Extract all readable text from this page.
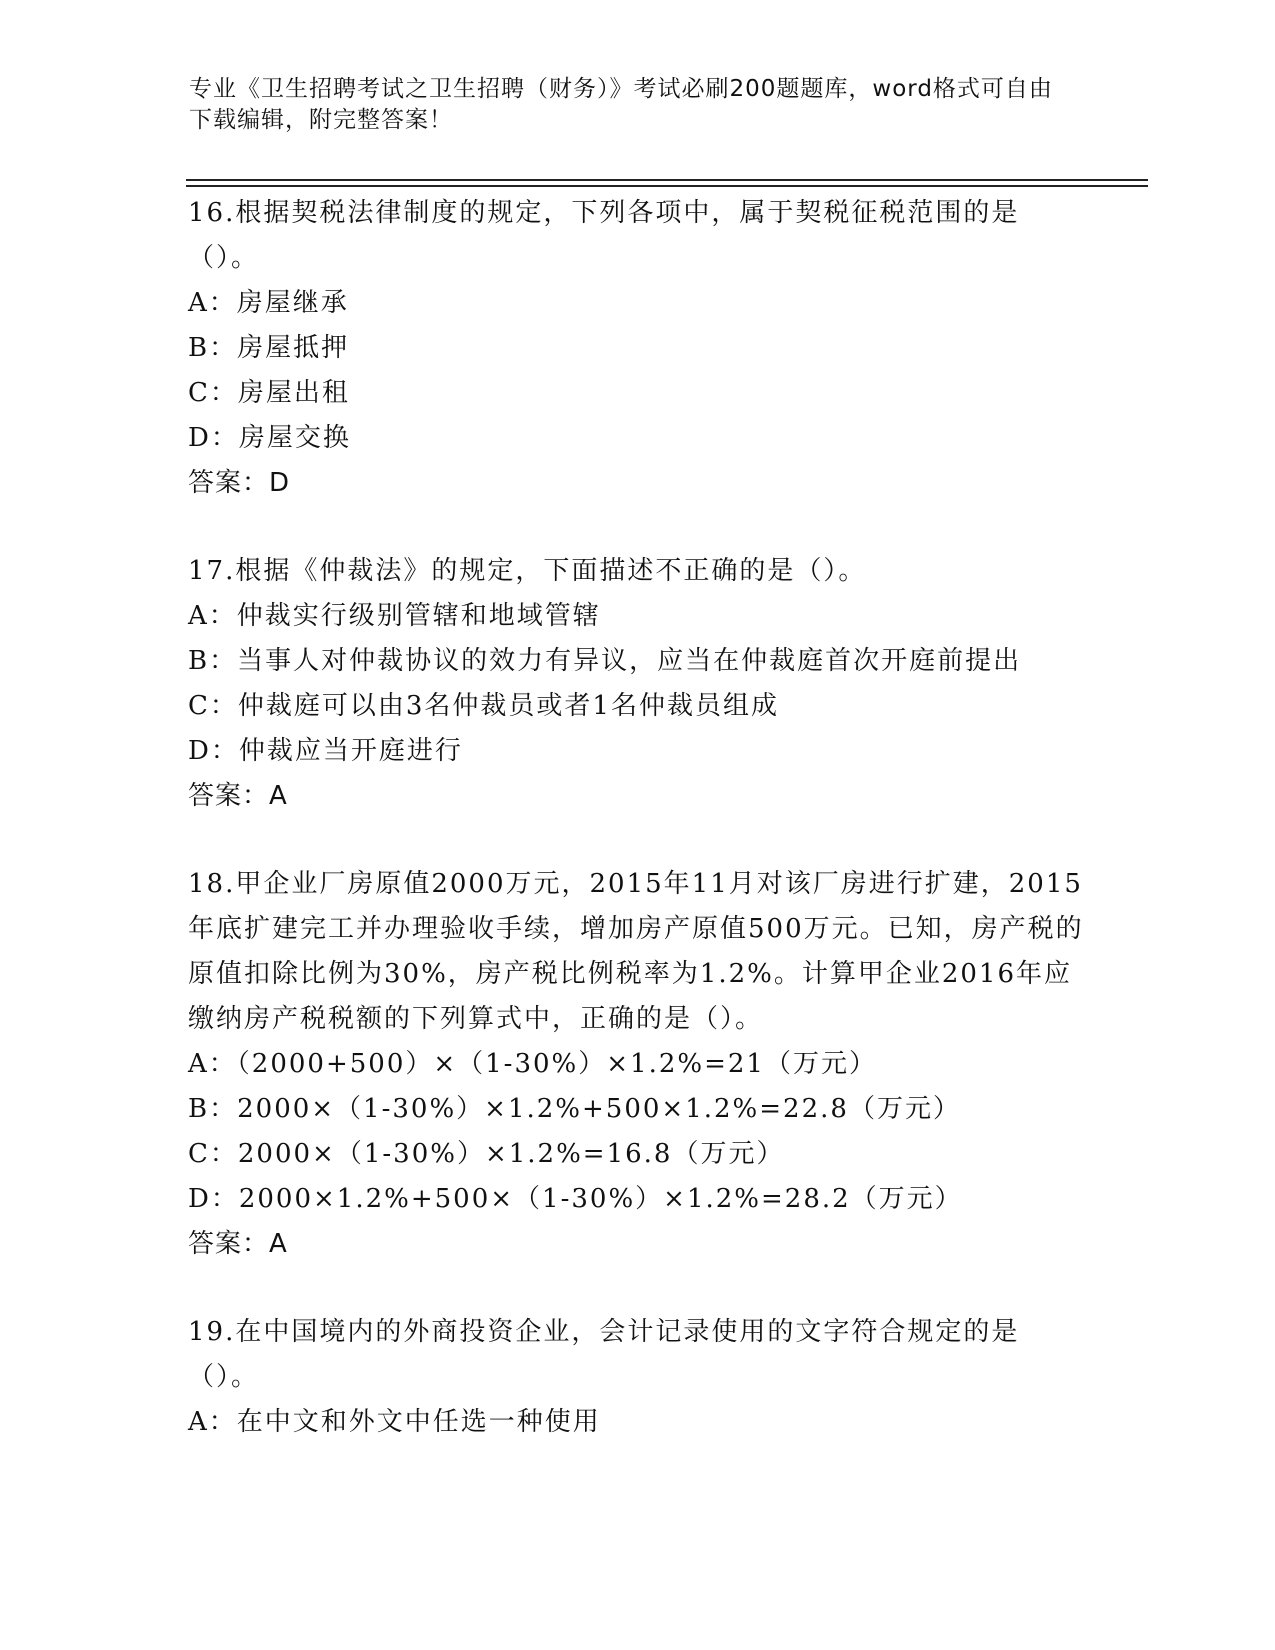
专业《卫生招聘考试之卫生招聘（财务）》考试必刷200题题库，word格式可自由下载编辑，附完整答案！
16.根据契税法律制度的规定，下列各项中，属于契税征税范围的是（）。
A：房屋继承
B：房屋抵押
C：房屋出租
D：房屋交换
答案：D
17.根据《仲裁法》的规定，下面描述不正确的是（）。
A：仲裁实行级别管辖和地域管辖
B：当事人对仲裁协议的效力有异议，应当在仲裁庭首次开庭前提出
C：仲裁庭可以由3名仲裁员或者1名仲裁员组成
D：仲裁应当开庭进行
答案：A
18.甲企业厂房原值2000万元，2015年11月对该厂房进行扩建，2015年底扩建完工并办理验收手续，增加房产原值500万元。已知，房产税的原值扣除比例为30%，房产税比例税率为1.2%。计算甲企业2016年应缴纳房产税税额的下列算式中，正确的是（）。
A：（2000+500）×（1-30%）×1.2%=21（万元）
B：2000×（1-30%）×1.2%+500×1.2%=22.8（万元）
C：2000×（1-30%）×1.2%=16.8（万元）
D：2000×1.2%+500×（1-30%）×1.2%=28.2（万元）
答案：A
19.在中国境内的外商投资企业，会计记录使用的文字符合规定的是（）。
A：在中文和外文中任选一种使用
